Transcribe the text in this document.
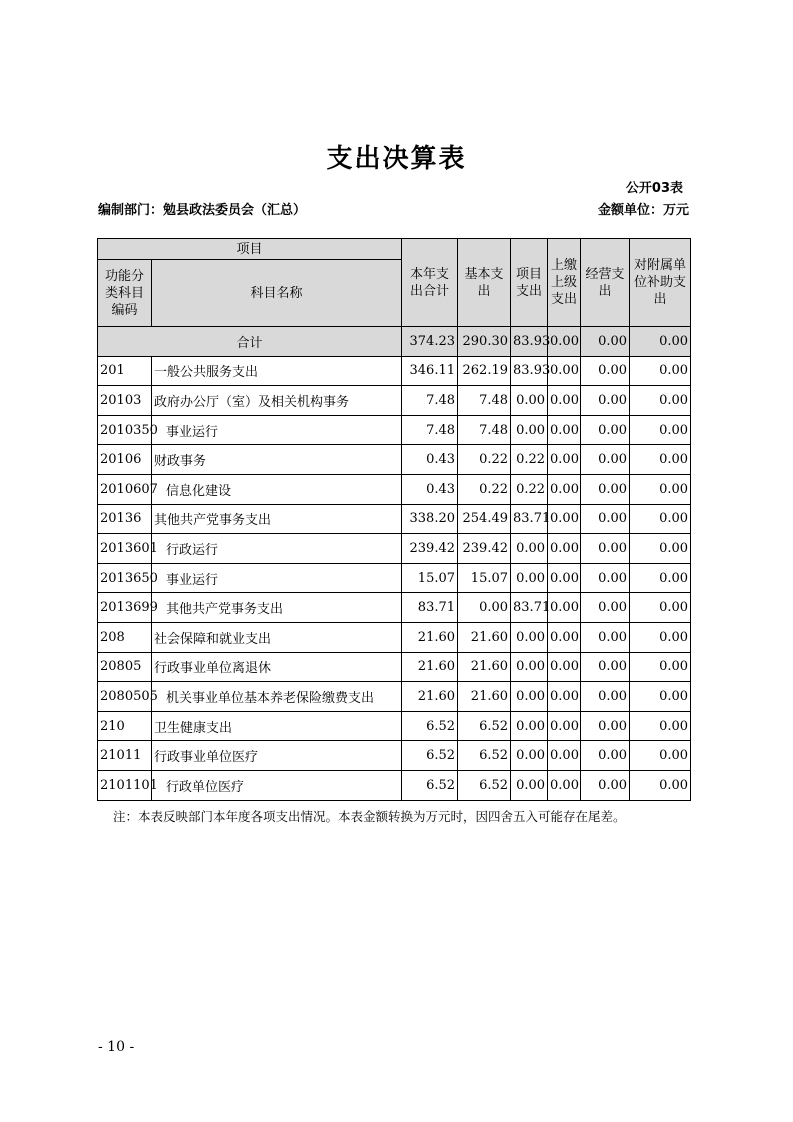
支出决算表
公开03表
编制部门：勉县政法委员会（汇总）	金额单位：万元
项目		本年支出合计	基本支出	项目支出	上缴上级支出	经营支出	对附属单位补助支出
功能分类科目编码	科目名称						
合计		374.23	290.30	83.93	0.00	0.00	0.00
201	一般公共服务支出	346.11	262.19	83.93	0.00	0.00	0.00
20103	政府办公厅（室）及相关机构事务	7.48	7.48	0.00	0.00	0.00	0.00
2010350	事业运行	7.48	7.48	0.00	0.00	0.00	0.00
20106	财政事务	0.43	0.22	0.22	0.00	0.00	0.00
2010607	信息化建设	0.43	0.22	0.22	0.00	0.00	0.00
20136	其他共产党事务支出	338.20	254.49	83.71	0.00	0.00	0.00
2013601	行政运行	239.42	239.42	0.00	0.00	0.00	0.00
2013650	事业运行	15.07	15.07	0.00	0.00	0.00	0.00
2013699	其他共产党事务支出	83.71	0.00	83.71	0.00	0.00	0.00
208	社会保障和就业支出	21.60	21.60	0.00	0.00	0.00	0.00
20805	行政事业单位离退休	21.60	21.60	0.00	0.00	0.00	0.00
2080505	机关事业单位基本养老保险缴费支出	21.60	21.60	0.00	0.00	0.00	0.00
210	卫生健康支出	6.52	6.52	0.00	0.00	0.00	0.00
21011	行政事业单位医疗	6.52	6.52	0.00	0.00	0.00	0.00
2101101	行政单位医疗	6.52	6.52	0.00	0.00	0.00	0.00
注：本表反映部门本年度各项支出情况。本表金额转换为万元时，因四舍五入可能存在尾差。
- 10 -
